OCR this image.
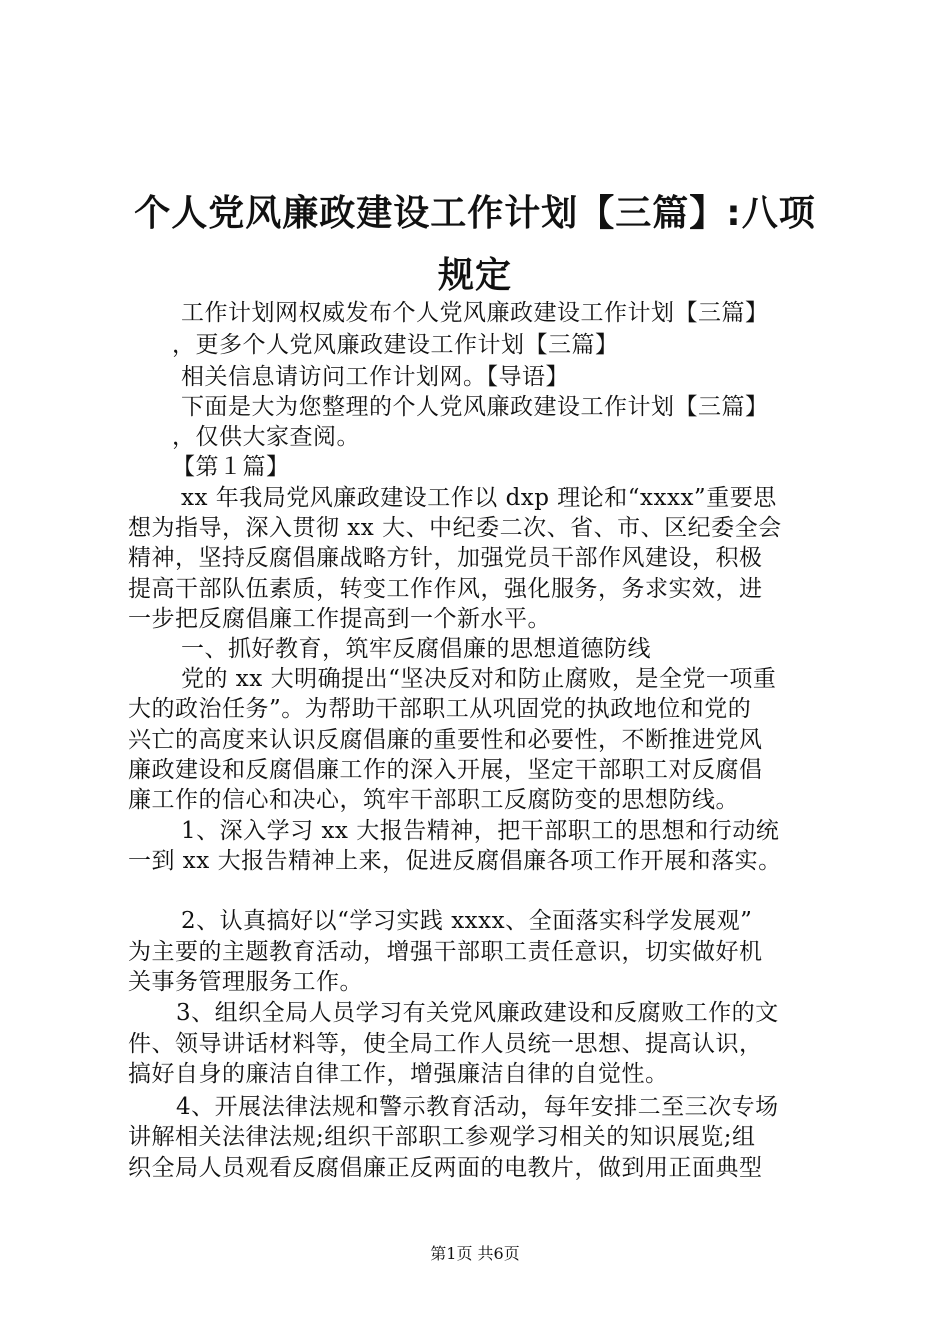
个人党风廉政建设工作计划【三篇】:八项规定
工作计划网权威发布个人党风廉政建设工作计划【三篇】
，更多个人党风廉政建设工作计划【三篇】
相关信息请访问工作计划网。【导语】
下面是大为您整理的个人党风廉政建设工作计划【三篇】
，仅供大家查阅。
【第１篇】
xx 年我局党风廉政建设工作以 dxp 理论和“xxxx”重要思
想为指导，深入贯彻 xx 大、中纪委二次、省、市、区纪委全会
精神，坚持反腐倡廉战略方针，加强党员干部作风建设，积极
提高干部队伍素质，转变工作作风，强化服务，务求实效，进
一步把反腐倡廉工作提高到一个新水平。
一、抓好教育，筑牢反腐倡廉的思想道德防线
党的 xx 大明确提出“坚决反对和防止腐败，是全党一项重
大的政治任务”。为帮助干部职工从巩固党的执政地位和党的
兴亡的高度来认识反腐倡廉的重要性和必要性，不断推进党风
廉政建设和反腐倡廉工作的深入开展，坚定干部职工对反腐倡
廉工作的信心和决心，筑牢干部职工反腐防变的思想防线。
1、深入学习 xx 大报告精神，把干部职工的思想和行动统
一到 xx 大报告精神上来，促进反腐倡廉各项工作开展和落实。
2、认真搞好以“学习实践 xxxx、全面落实科学发展观”
为主要的主题教育活动，增强干部职工责任意识，切实做好机
关事务管理服务工作。
3、组织全局人员学习有关党风廉政建设和反腐败工作的文
件、领导讲话材料等，使全局工作人员统一思想、提高认识，
搞好自身的廉洁自律工作，增强廉洁自律的自觉性。
4、开展法律法规和警示教育活动，每年安排二至三次专场
讲解相关法律法规;组织干部职工参观学习相关的知识展览;组
织全局人员观看反腐倡廉正反两面的电教片，做到用正面典型
第1页 共6页
